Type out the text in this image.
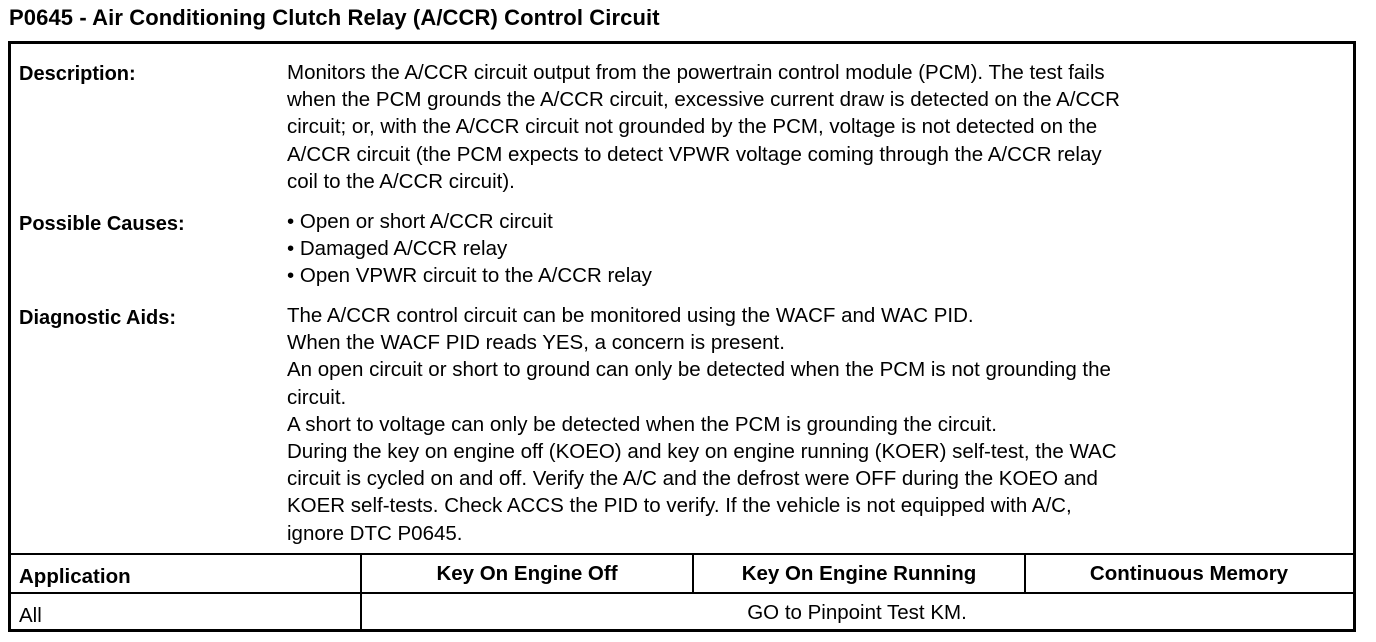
P0645 - Air Conditioning Clutch Relay (A/CCR) Control Circuit
Description:	Monitors the A/CCR circuit output from the powertrain control module (PCM). The test fails
when the PCM grounds the A/CCR circuit, excessive current draw is detected on the A/CCR
circuit; or, with the A/CCR circuit not grounded by the PCM, voltage is not detected on the
A/CCR circuit (the PCM expects to detect VPWR voltage coming through the A/CCR relay
coil to the A/CCR circuit).
Possible Causes:	• Open or short A/CCR circuit
• Damaged A/CCR relay
• Open VPWR circuit to the A/CCR relay
Diagnostic Aids:	The A/CCR control circuit can be monitored using the WACF and WAC PID.
When the WACF PID reads YES, a concern is present.
An open circuit or short to ground can only be detected when the PCM is not grounding the
circuit.
A short to voltage can only be detected when the PCM is grounding the circuit.
During the key on engine off (KOEO) and key on engine running (KOER) self-test, the WAC
circuit is cycled on and off. Verify the A/C and the defrost were OFF during the KOEO and
KOER self-tests. Check ACCS the PID to verify. If the vehicle is not equipped with A/C,
ignore DTC P0645.
Application	Key On Engine Off	Key On Engine Running	Continuous Memory
All	GO to Pinpoint Test KM.
